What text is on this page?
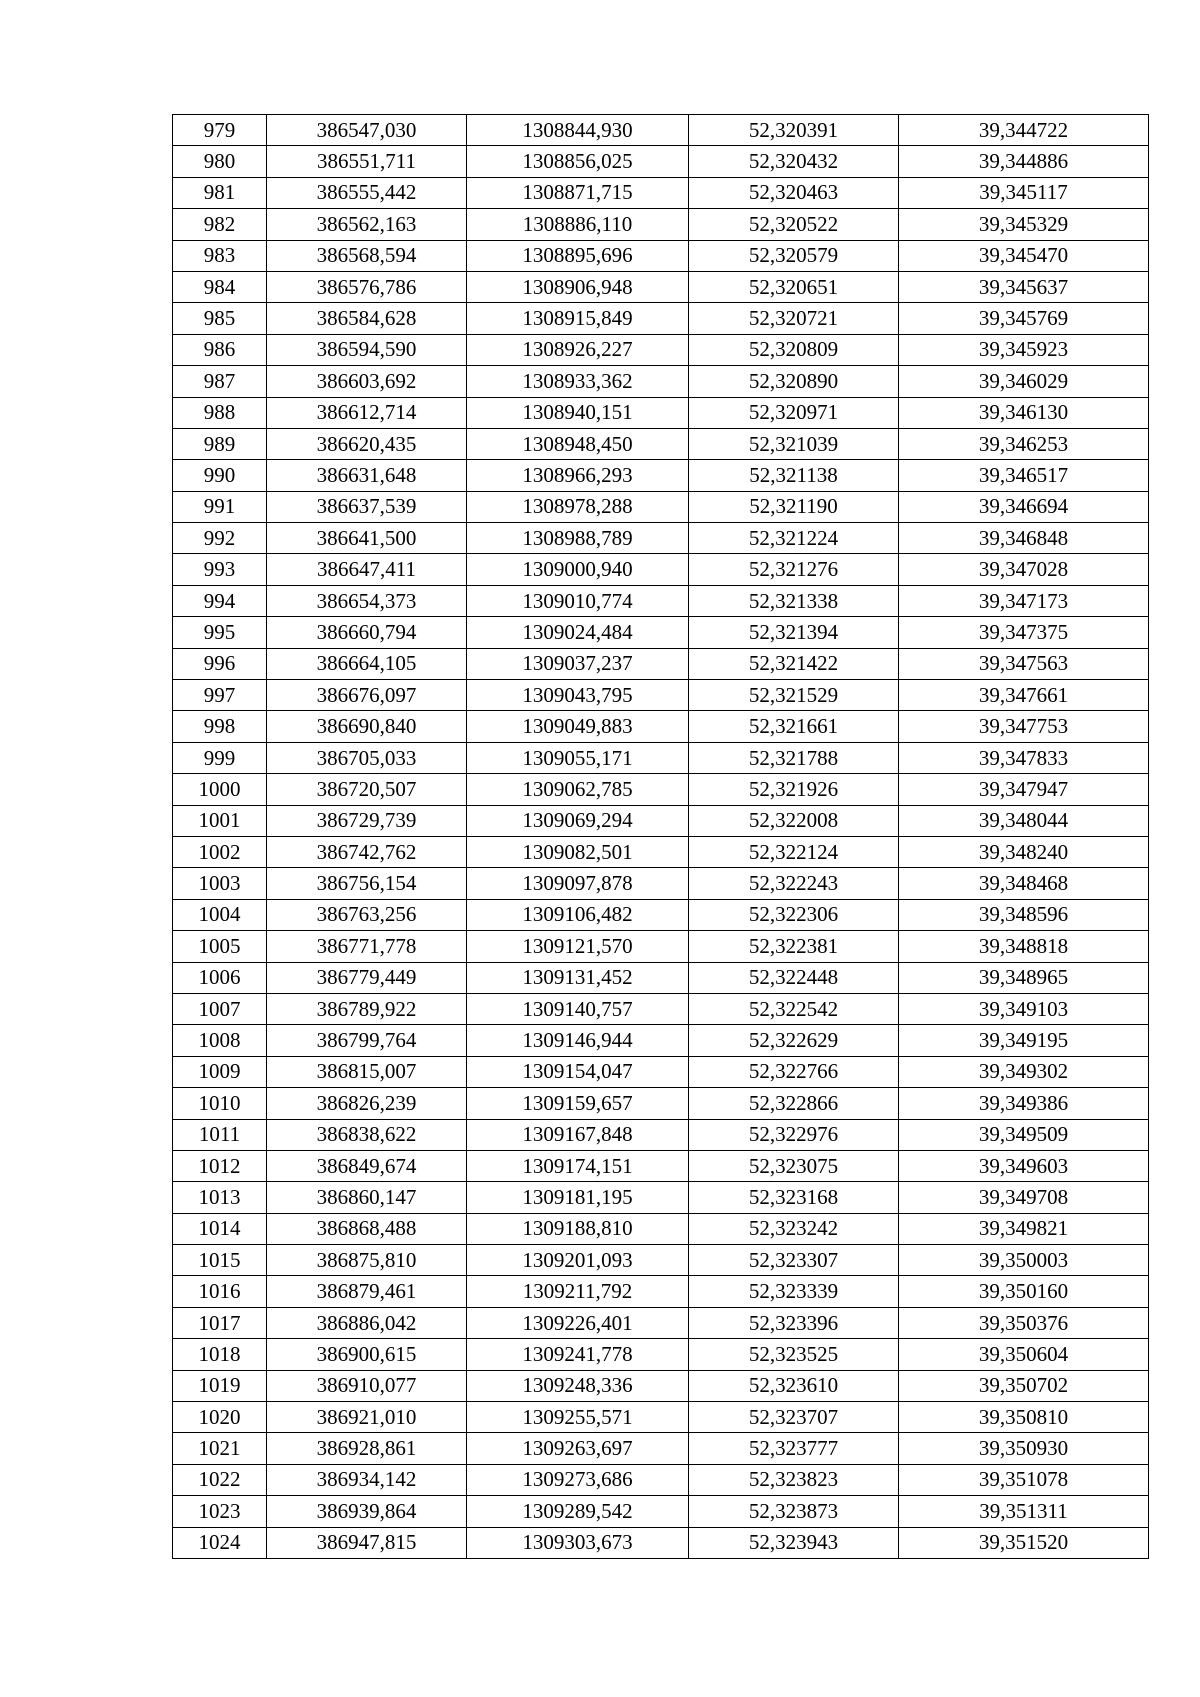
979	386547,030	1308844,930	52,320391	39,344722
980	386551,711	1308856,025	52,320432	39,344886
981	386555,442	1308871,715	52,320463	39,345117
982	386562,163	1308886,110	52,320522	39,345329
983	386568,594	1308895,696	52,320579	39,345470
984	386576,786	1308906,948	52,320651	39,345637
985	386584,628	1308915,849	52,320721	39,345769
986	386594,590	1308926,227	52,320809	39,345923
987	386603,692	1308933,362	52,320890	39,346029
988	386612,714	1308940,151	52,320971	39,346130
989	386620,435	1308948,450	52,321039	39,346253
990	386631,648	1308966,293	52,321138	39,346517
991	386637,539	1308978,288	52,321190	39,346694
992	386641,500	1308988,789	52,321224	39,346848
993	386647,411	1309000,940	52,321276	39,347028
994	386654,373	1309010,774	52,321338	39,347173
995	386660,794	1309024,484	52,321394	39,347375
996	386664,105	1309037,237	52,321422	39,347563
997	386676,097	1309043,795	52,321529	39,347661
998	386690,840	1309049,883	52,321661	39,347753
999	386705,033	1309055,171	52,321788	39,347833
1000	386720,507	1309062,785	52,321926	39,347947
1001	386729,739	1309069,294	52,322008	39,348044
1002	386742,762	1309082,501	52,322124	39,348240
1003	386756,154	1309097,878	52,322243	39,348468
1004	386763,256	1309106,482	52,322306	39,348596
1005	386771,778	1309121,570	52,322381	39,348818
1006	386779,449	1309131,452	52,322448	39,348965
1007	386789,922	1309140,757	52,322542	39,349103
1008	386799,764	1309146,944	52,322629	39,349195
1009	386815,007	1309154,047	52,322766	39,349302
1010	386826,239	1309159,657	52,322866	39,349386
1011	386838,622	1309167,848	52,322976	39,349509
1012	386849,674	1309174,151	52,323075	39,349603
1013	386860,147	1309181,195	52,323168	39,349708
1014	386868,488	1309188,810	52,323242	39,349821
1015	386875,810	1309201,093	52,323307	39,350003
1016	386879,461	1309211,792	52,323339	39,350160
1017	386886,042	1309226,401	52,323396	39,350376
1018	386900,615	1309241,778	52,323525	39,350604
1019	386910,077	1309248,336	52,323610	39,350702
1020	386921,010	1309255,571	52,323707	39,350810
1021	386928,861	1309263,697	52,323777	39,350930
1022	386934,142	1309273,686	52,323823	39,351078
1023	386939,864	1309289,542	52,323873	39,351311
1024	386947,815	1309303,673	52,323943	39,351520
